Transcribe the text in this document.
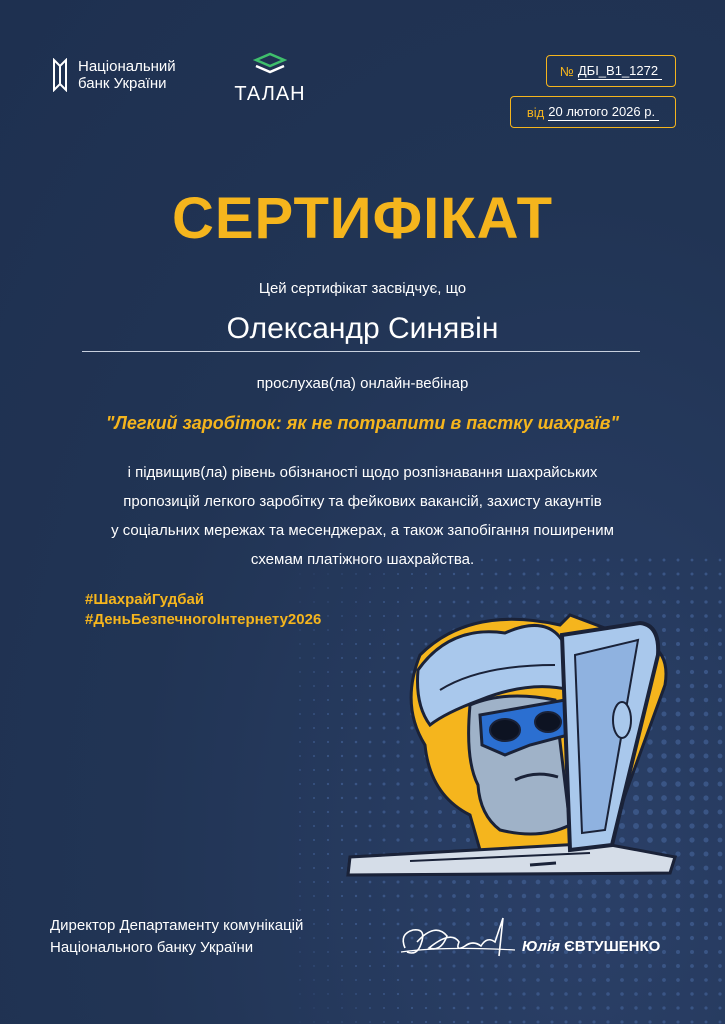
Національний
банк України	ТАЛАН
№ ДБІ_В1_1272
від 20 лютого 2026 р.
СЕРТИФІКАТ
Цей сертифікат засвідчує, що
Олександр Синявін
прослухав(ла) онлайн-вебінар
"Легкий заробіток: як не потрапити в пастку шахраїв"
і підвищив(ла) рівень обізнаності щодо розпізнавання шахрайських
пропозицій легкого заробітку та фейкових вакансій, захисту акаунтів
у соціальних мережах та месенджерах, а також запобігання поширеним
схемам платіжного шахрайства.
#ШахрайГудбай
#ДеньБезпечногоІнтернету2026
Директор Департаменту комунікацій
Національного банку України	Юлія ЄВТУШЕНКО
